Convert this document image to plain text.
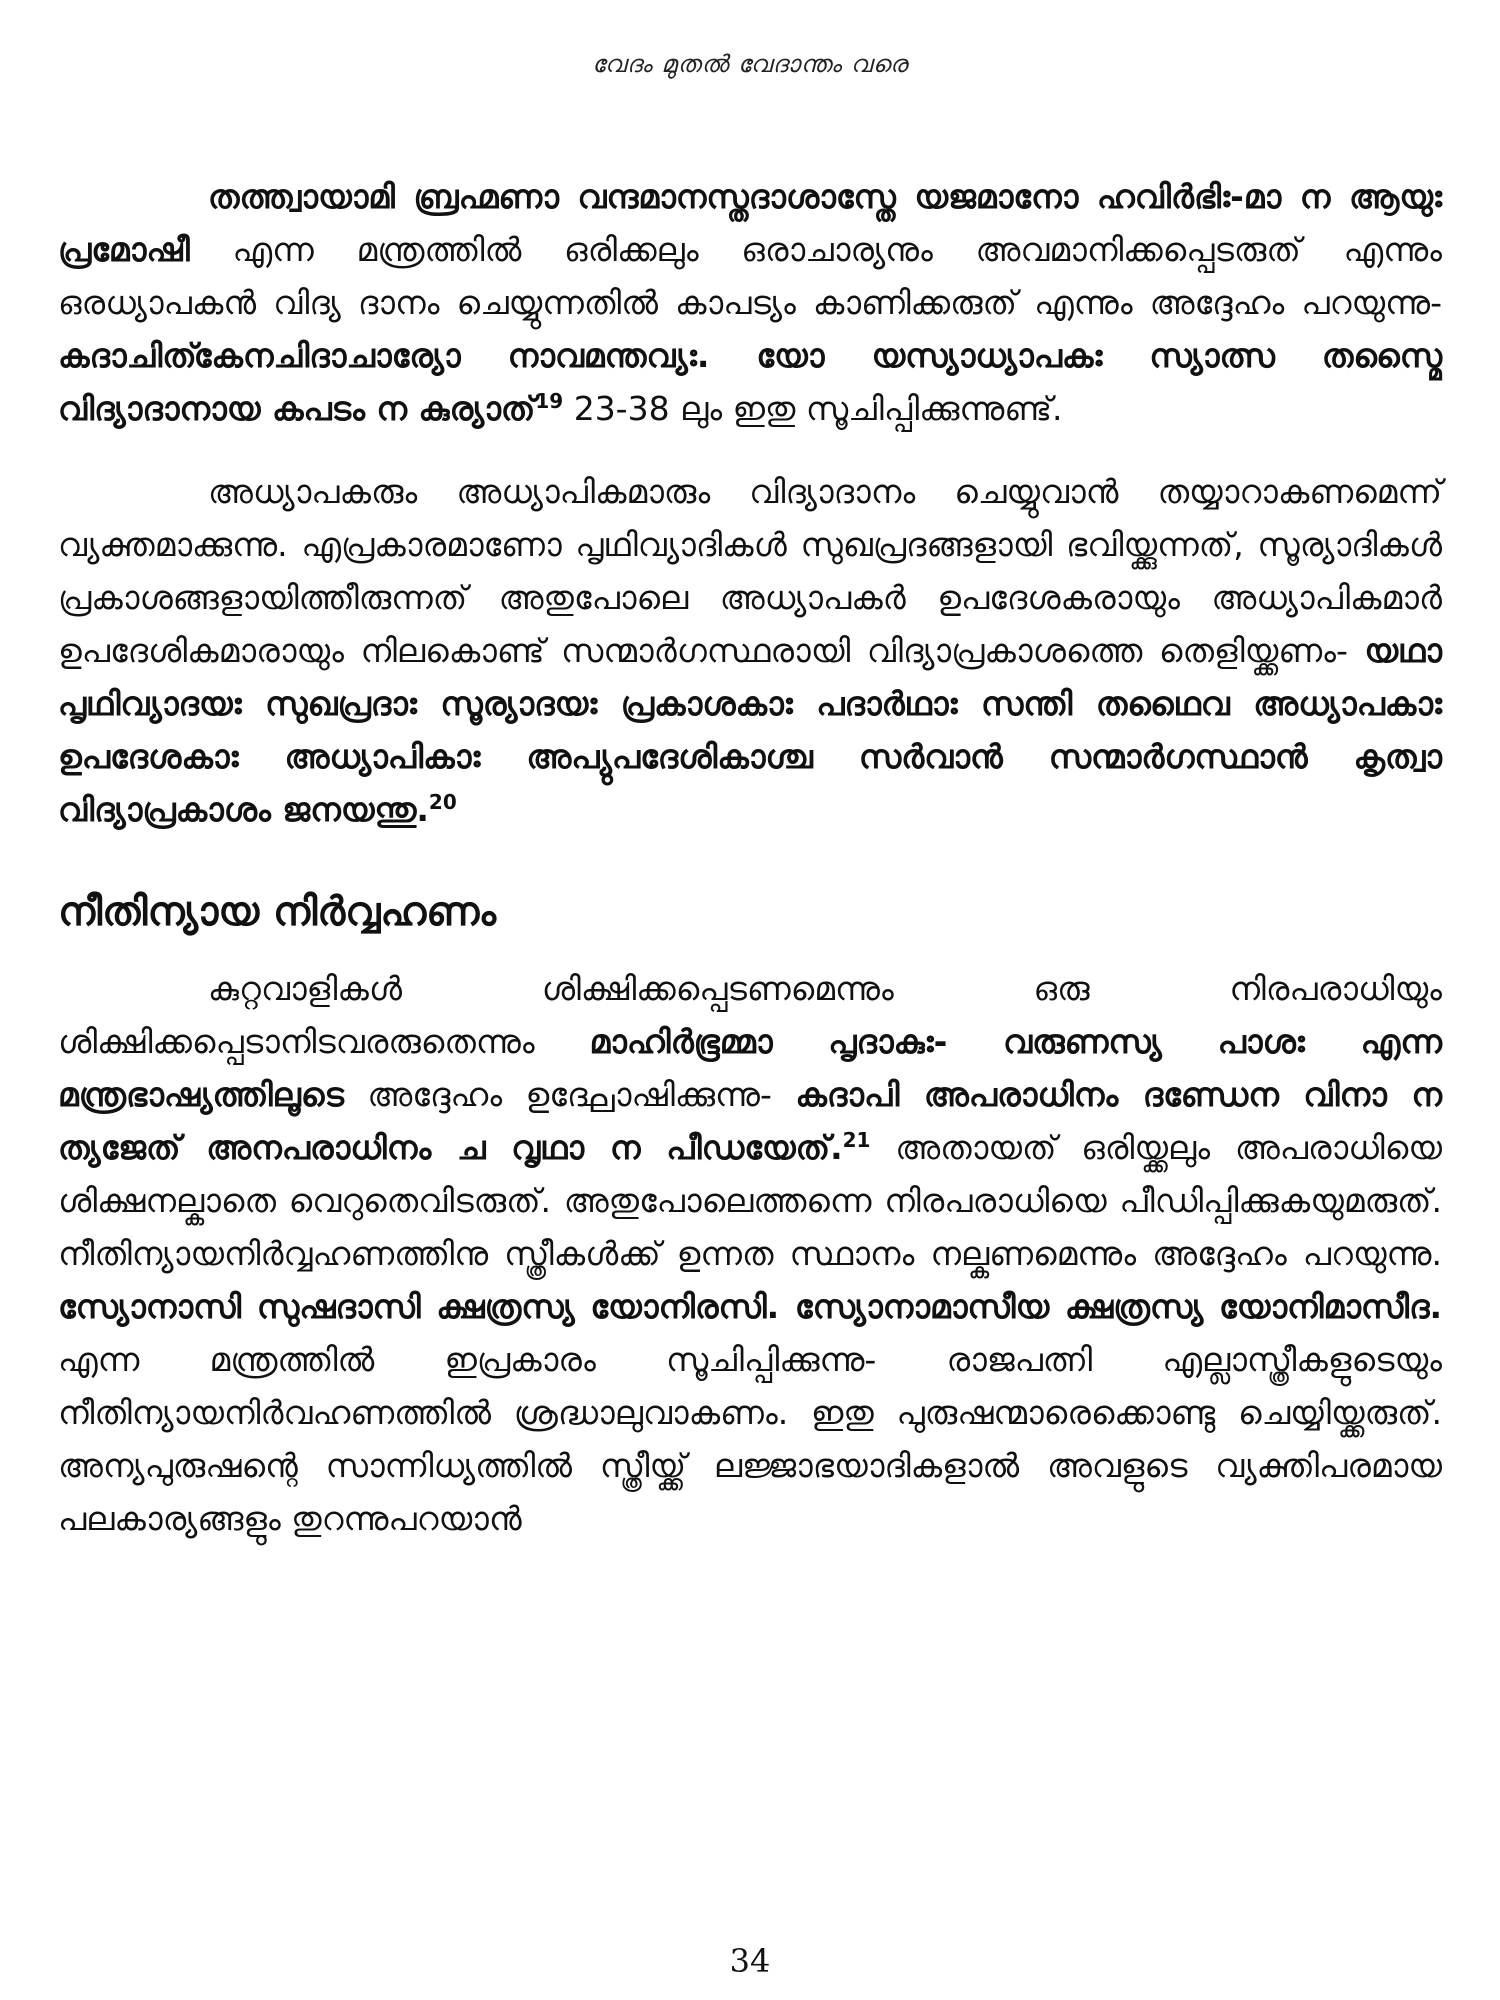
വേദം മുതൽ വേദാന്തം വരെ

തത്ത്വായാമി ബ്രഹ്മണാ വന്ദമാനസ്തദാശാസ്തേ യജമാനോ ഹവിർഭിഃ-മാ ന ആയുഃ പ്രമോഷീ എന്ന മന്ത്രത്തിൽ ഒരിക്കലും ഒരാചാര്യനും അവമാനിക്കപ്പെടരുത് എന്നും ഒരധ്യാപകൻ വിദ്യ ദാനം ചെയ്യുന്നതിൽ കാപട്യം കാണിക്കരുത് എന്നും അദ്ദേഹം പറയുന്നു- കദാചിത്കേനചിദാചാര്യോ നാവമന്തവ്യഃ. യോ യസ്യാധ്യാപകഃ സ്യാത്സ തസ്മൈ വിദ്യാദാനായ കപടം ന കുര്യാത്$^{19}$ 23-38 ലും ഇതു സൂചിപ്പിക്കുന്നുണ്ട്.

അധ്യാപകരും അധ്യാപികമാരും വിദ്യാദാനം ചെയ്യുവാൻ തയ്യാറാകണമെന്ന് വ്യക്തമാക്കുന്നു. എപ്രകാരമാണോ പൃഥിവ്യാദികൾ സുഖപ്രദങ്ങളായി ഭവിയ്ക്കുന്നത്, സൂര്യാദികൾ പ്രകാശങ്ങളായിത്തീരുന്നത് അതുപോലെ അധ്യാപകർ ഉപദേശകരായും അധ്യാപികമാർ ഉപദേശികമാരായും നിലകൊണ്ട് സന്മാർഗസ്ഥരായി വിദ്യാപ്രകാശത്തെ തെളിയ്ക്കണം- യഥാ പൃഥിവ്യാദയഃ സുഖപ്രദാഃ സൂര്യാദയഃ പ്രകാശകാഃ പദാർഥാഃ സന്തി തഥൈവ അധ്യാപകാഃ ഉപദേശകാഃ അധ്യാപികാഃ അപ്യുപദേശികാശ്ച സർവാൻ സന്മാർഗസ്ഥാൻ കൃത്വാ വിദ്യാപ്രകാശം ജനയന്തു.$^{20}$

നീതിന്യായ നിർവ്വഹണം

കുറ്റവാളികൾ ശിക്ഷിക്കപ്പെടണമെന്നും ഒരു നിരപരാധിയും ശിക്ഷിക്കപ്പെടാനിടവരരുതെന്നും മാഹിർഭൂമ്മാ പൃദാകുഃ- വരുണസ്യ പാശഃ എന്ന മന്ത്രഭാഷ്യത്തിലൂടെ അദ്ദേഹം ഉദ്ഘോഷിക്കുന്നു- കദാപി അപരാധിനം ദണ്ഡേന വിനാ ന ത്യജേത് അനപരാധിനം ച വൃഥാ ന പീഡയേത്.$^{21}$ അതായത് ഒരിയ്ക്കലും അപരാധിയെ ശിക്ഷനല്കാതെ വെറുതെവിടരുത്. അതുപോലെത്തന്നെ നിരപരാധിയെ പീഡിപ്പിക്കുകയുമരുത്. നീതിന്യായനിർവ്വഹണത്തിനു സ്ത്രീകൾക്ക് ഉന്നത സ്ഥാനം നല്കണമെന്നും അദ്ദേഹം പറയുന്നു. സ്യോനാസി സുഷദാസി ക്ഷത്രസ്യ യോനിരസി. സ്യോനാമാസീയ ക്ഷത്രസ്യ യോനിമാസീദ. എന്ന മന്ത്രത്തിൽ ഇപ്രകാരം സൂചിപ്പിക്കുന്നു- രാജപത്നി എല്ലാസ്ത്രീകളുടെയും നീതിന്യായനിർവഹണത്തിൽ ശ്രദ്ധാലുവാകണം. ഇതു പുരുഷന്മാരെക്കൊണ്ടു ചെയ്യിയ്ക്കരുത്. അന്യപുരുഷന്റെ സാന്നിധ്യത്തിൽ സ്ത്രീയ്ക്ക് ലജ്ജാഭയാദികളാൽ അവളുടെ വ്യക്തിപരമായ പലകാര്യങ്ങളും തുറന്നുപറയാൻ

34
